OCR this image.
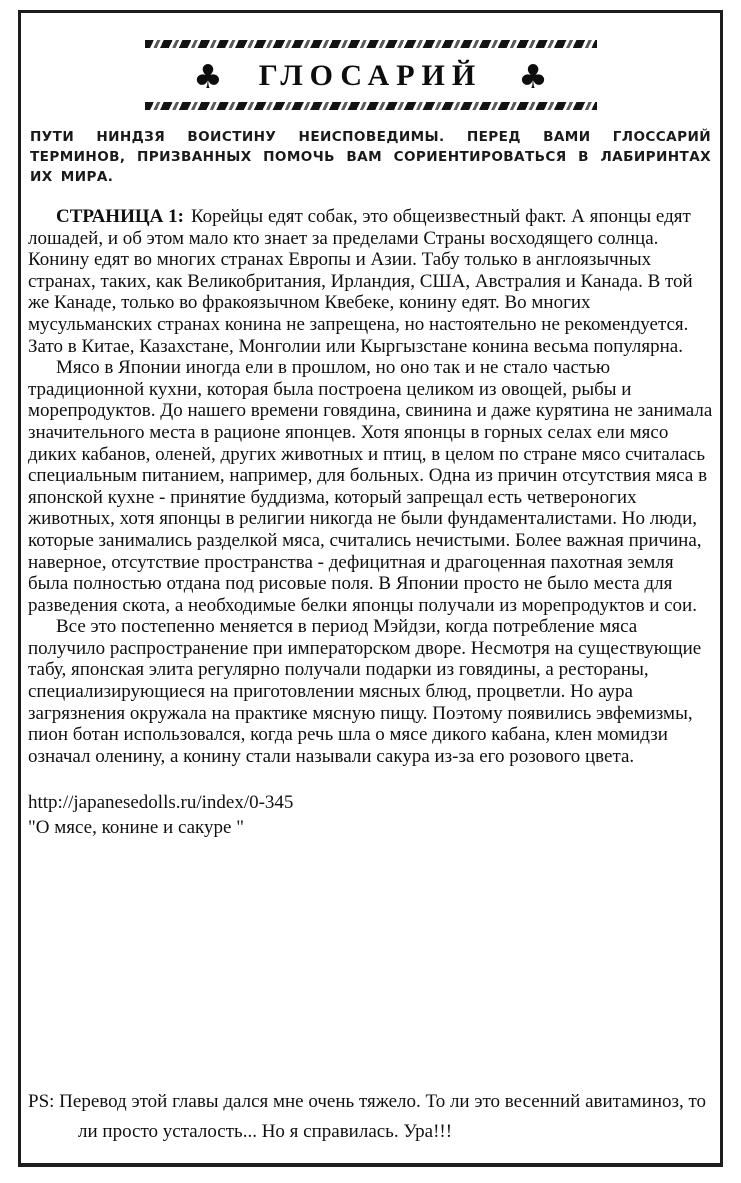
♣ ГЛОСАРИЙ ♣

ПУТИ НИНДЗЯ ВОИСТИНУ НЕИСПОВЕДИМЫ. ПЕРЕД ВАМИ ГЛОССАРИЙ ТЕРМИНОВ, ПРИЗВАННЫХ ПОМОЧЬ ВАМ СОРИЕНТИРОВАТЬСЯ В ЛАБИРИНТАХ ИХ МИРА.

СТРАНИЦА 1: Корейцы едят собак, это общеизвестный факт. А японцы едят лошадей, и об этом мало кто знает за пределами Страны восходящего солнца. Конину едят во многих странах Европы и Азии. Табу только в англоязычных странах, таких, как Великобритания, Ирландия, США, Австралия и Канада. В той же Канаде, только во фракоязычном Квебеке, конину едят. Во многих мусульманских странах конина не запрещена, но настоятельно не рекомендуется. Зато в Китае, Казахстане, Монголии или Кыргызстане конина весьма популярна.

Мясо в Японии иногда ели в прошлом, но оно так и не стало частью традиционной кухни, которая была построена целиком из овощей, рыбы и морепродуктов. До нашего времени говядина, свинина и даже курятина не занимала значительного места в рационе японцев. Хотя японцы в горных селах ели мясо диких кабанов, оленей, других животных и птиц, в целом по стране мясо считалась специальным питанием, например, для больных. Одна из причин отсутствия мяса в японской кухне - принятие буддизма, который запрещал есть четвероногих животных, хотя японцы в религии никогда не были фундаменталистами. Но люди, которые занимались разделкой мяса, считались нечистыми. Более важная причина, наверное, отсутствие пространства - дефицитная и драгоценная пахотная земля была полностью отдана под рисовые поля. В Японии просто не было места для разведения скота, а необходимые белки японцы получали из морепродуктов и сои.

Все это постепенно меняется в период Мэйдзи, когда потребление мяса получило распространение при императорском дворе. Несмотря на существующие табу, японская элита регулярно получали подарки из говядины, а рестораны, специализирующиеся на приготовлении мясных блюд, процветли. Но аура загрязнения окружала на практике мясную пищу. Поэтому появились эвфемизмы, пион ботан использовался, когда речь шла о мясе дикого кабана, клен момидзи означал оленину, а конину стали называли сакура из-за его розового цвета.

http://japanesedolls.ru/index/0-345

"О мясе, конине и сакуре "

PS: Перевод этой главы дался мне очень тяжело. То ли это весенний авитаминоз, то ли просто усталость... Но я справилась. Ура!!!
